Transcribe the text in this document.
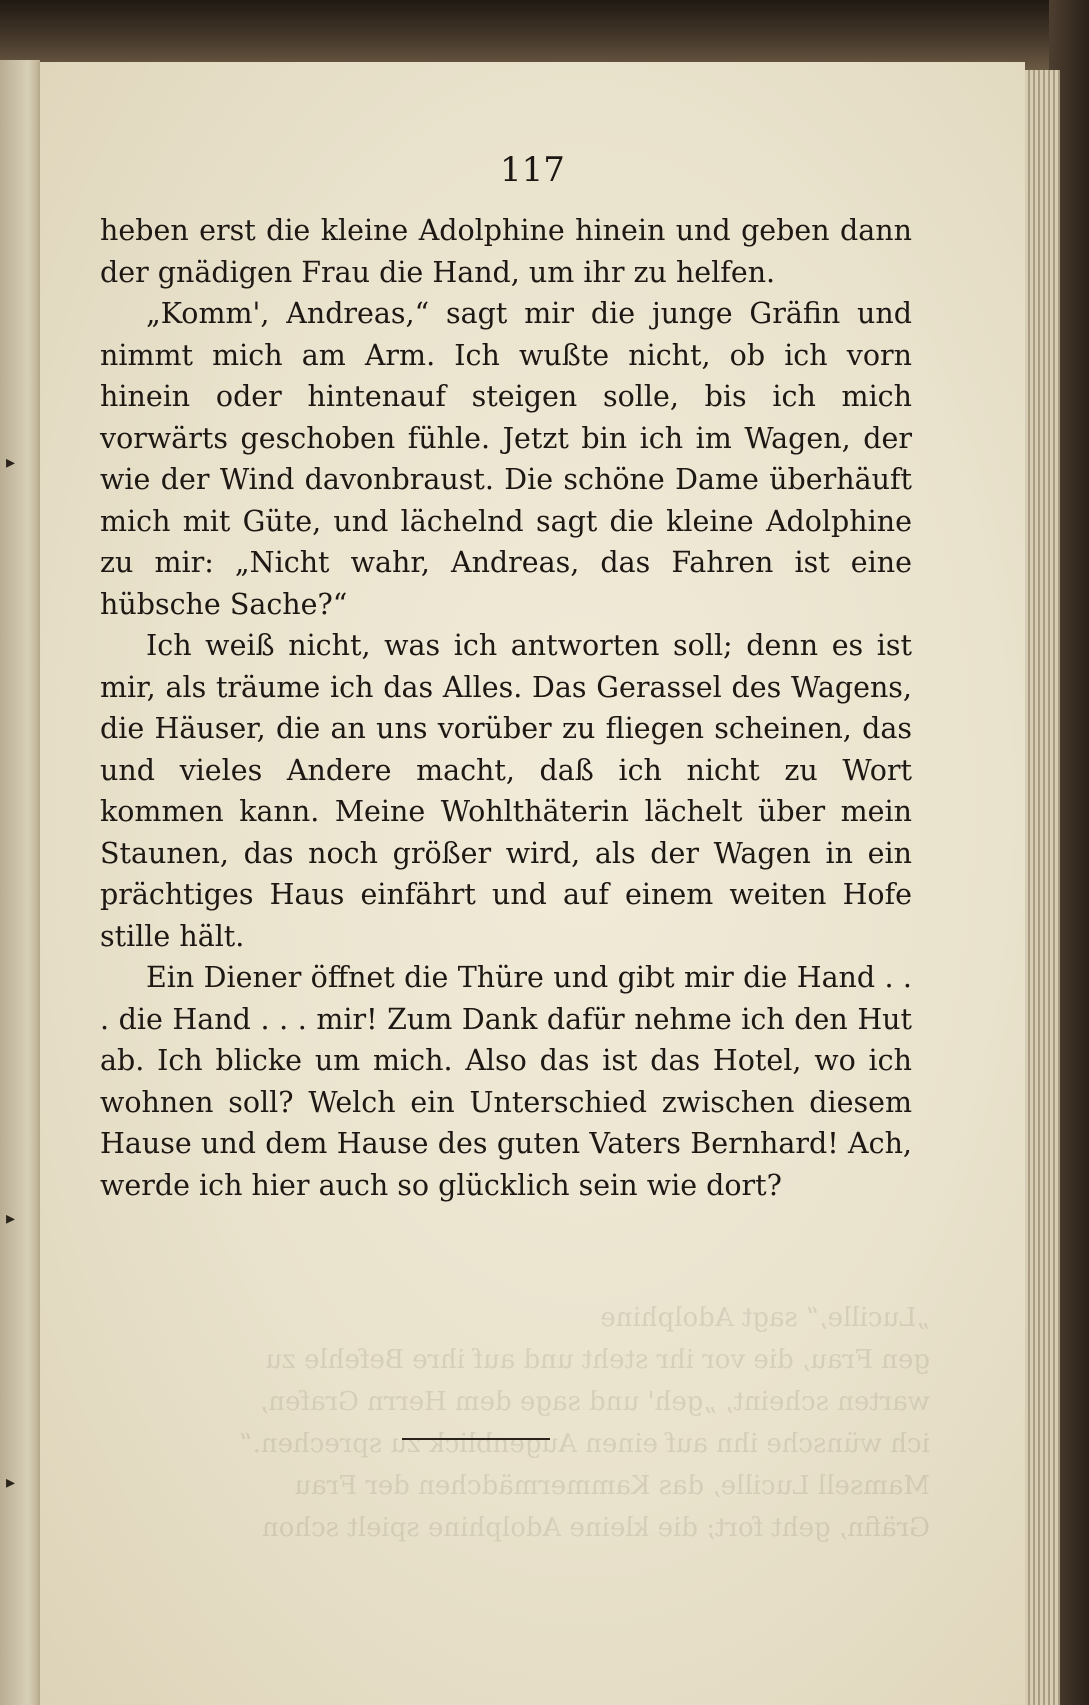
„Lucille,“ sagt Adolphine
gen Frau, die vor ihr steht und auf ihre Befehle zu
warten scheint, „geh' und sage dem Herrn Grafen,
ich wünsche ihn auf einen Augenblick zu sprechen.“
Mamsell Lucille, das Kammermädchen der Frau
Gräfin, geht fort; die kleine Adolphine spielt schon
117

heben erst die kleine Adolphine hinein und geben dann der gnädigen Frau die Hand, um ihr zu helfen.

„Komm', Andreas,“ sagt mir die junge Gräfin und nimmt mich am Arm. Ich wußte nicht, ob ich vorn hinein oder hintenauf steigen solle, bis ich mich vorwärts geschoben fühle. Jetzt bin ich im Wagen, der wie der Wind davonbraust. Die schöne Dame überhäuft mich mit Güte, und lächelnd sagt die kleine Adolphine zu mir: „Nicht wahr, Andreas, das Fahren ist eine hübsche Sache?“

Ich weiß nicht, was ich antworten soll; denn es ist mir, als träume ich das Alles. Das Gerassel des Wagens, die Häuser, die an uns vorüber zu fliegen scheinen, das und vieles Andere macht, daß ich nicht zu Wort kommen kann. Meine Wohlthäterin lächelt über mein Staunen, das noch größer wird, als der Wagen in ein prächtiges Haus einfährt und auf einem weiten Hofe stille hält.

Ein Diener öffnet die Thüre und gibt mir die Hand . . . die Hand . . . mir! Zum Dank dafür nehme ich den Hut ab. Ich blicke um mich. Also das ist das Hotel, wo ich wohnen soll? Welch ein Unterschied zwischen diesem Hause und dem Hause des guten Vaters Bernhard! Ach, werde ich hier auch so glücklich sein wie dort?

▸
▸
▸
